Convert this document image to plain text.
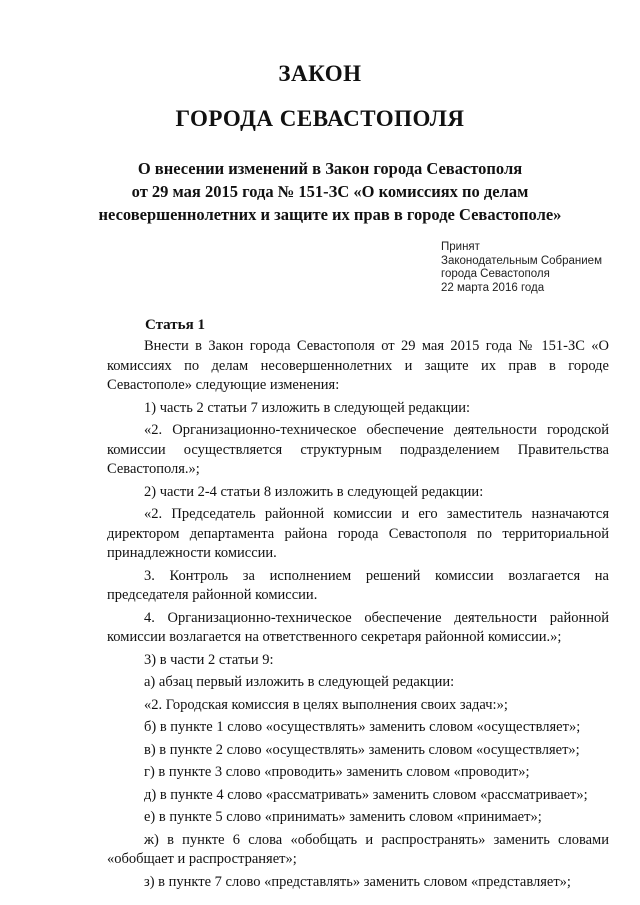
ЗАКОН
ГОРОДА СЕВАСТОПОЛЯ
О внесении изменений в Закон города Севастополя
от 29 мая 2015 года № 151-ЗС «О комиссиях по делам
несовершеннолетних и защите их прав в городе Севастополе»
Принят
Законодательным Собранием
города Севастополя
22 марта 2016 года
Статья 1

Внести в Закон города Севастополя от 29 мая 2015 года № 151-ЗС «О комиссиях по делам несовершеннолетних и защите их прав в городе Севастополе» следующие изменения:

1) часть 2 статьи 7 изложить в следующей редакции:

«2. Организационно-техническое обеспечение деятельности городской комиссии осуществляется структурным подразделением Правительства Севастополя.»;

2) части 2-4 статьи 8 изложить в следующей редакции:

«2. Председатель районной комиссии и его заместитель назначаются директором департамента района города Севастополя по территориальной принадлежности комиссии.

3. Контроль за исполнением решений комиссии возлагается на председателя районной комиссии.

4. Организационно-техническое обеспечение деятельности районной комиссии возлагается на ответственного секретаря районной комиссии.»;

3) в части 2 статьи 9:

а) абзац первый изложить в следующей редакции:

«2. Городская комиссия в целях выполнения своих задач:»;

б) в пункте 1 слово «осуществлять» заменить словом «осуществляет»;

в) в пункте 2 слово «осуществлять» заменить словом «осуществляет»;

г) в пункте 3 слово «проводить» заменить словом «проводит»;

д) в пункте 4 слово «рассматривать» заменить словом «рассматривает»;

е) в пункте 5 слово «принимать» заменить словом «принимает»;

ж) в пункте 6 слова «обобщать и распространять» заменить словами «обобщает и распространяет»;

з) в пункте 7 слово «представлять» заменить словом «представляет»;
